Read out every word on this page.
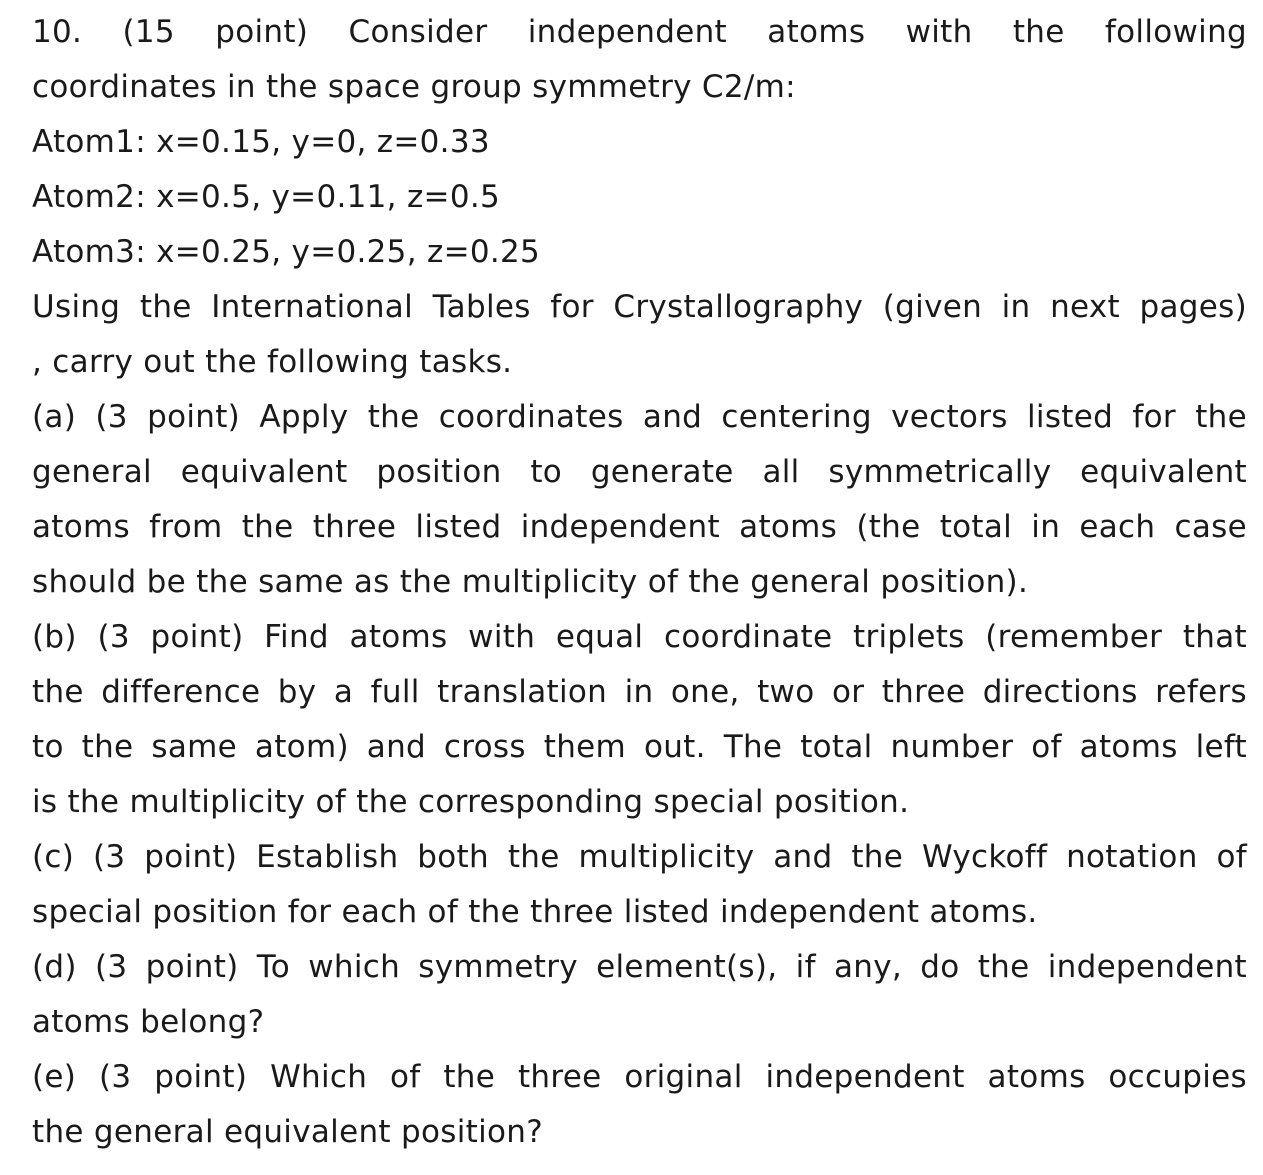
10. (15 point) Consider independent atoms with the following

coordinates in the space group symmetry C2/m:

Atom1: x=0.15, y=0, z=0.33

Atom2: x=0.5, y=0.11, z=0.5

Atom3: x=0.25, y=0.25, z=0.25

Using the International Tables for Crystallography (given in next pages)

, carry out the following tasks.

(a) (3 point) Apply the coordinates and centering vectors listed for the

general equivalent position to generate all symmetrically equivalent

atoms from the three listed independent atoms (the total in each case

should be the same as the multiplicity of the general position).

(b) (3 point) Find atoms with equal coordinate triplets (remember that

the difference by a full translation in one, two or three directions refers

to the same atom) and cross them out. The total number of atoms left

is the multiplicity of the corresponding special position.

(c) (3 point) Establish both the multiplicity and the Wyckoff notation of

special position for each of the three listed independent atoms.

(d) (3 point) To which symmetry element(s), if any, do the independent

atoms belong?

(e) (3 point) Which of the three original independent atoms occupies

the general equivalent position?
